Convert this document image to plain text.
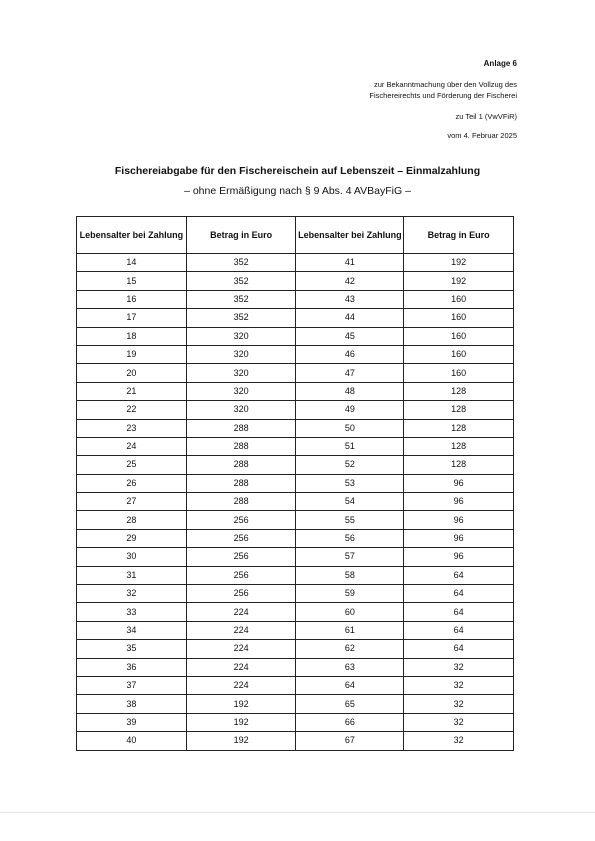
Anlage 6
zur Bekanntmachung über den Vollzug des
Fischereirechts und Förderung der Fischerei
zu Teil 1 (VwVFiR)
vom 4. Februar 2025
Fischereiabgabe für den Fischereischein auf Lebenszeit – Einmalzahlung
– ohne Ermäßigung nach § 9 Abs. 4 AVBayFiG –
Lebensalter bei Zahlung	Betrag in Euro	Lebensalter bei Zahlung	Betrag in Euro
14	352	41	192
15	352	42	192
16	352	43	160
17	352	44	160
18	320	45	160
19	320	46	160
20	320	47	160
21	320	48	128
22	320	49	128
23	288	50	128
24	288	51	128
25	288	52	128
26	288	53	96
27	288	54	96
28	256	55	96
29	256	56	96
30	256	57	96
31	256	58	64
32	256	59	64
33	224	60	64
34	224	61	64
35	224	62	64
36	224	63	32
37	224	64	32
38	192	65	32
39	192	66	32
40	192	67	32
